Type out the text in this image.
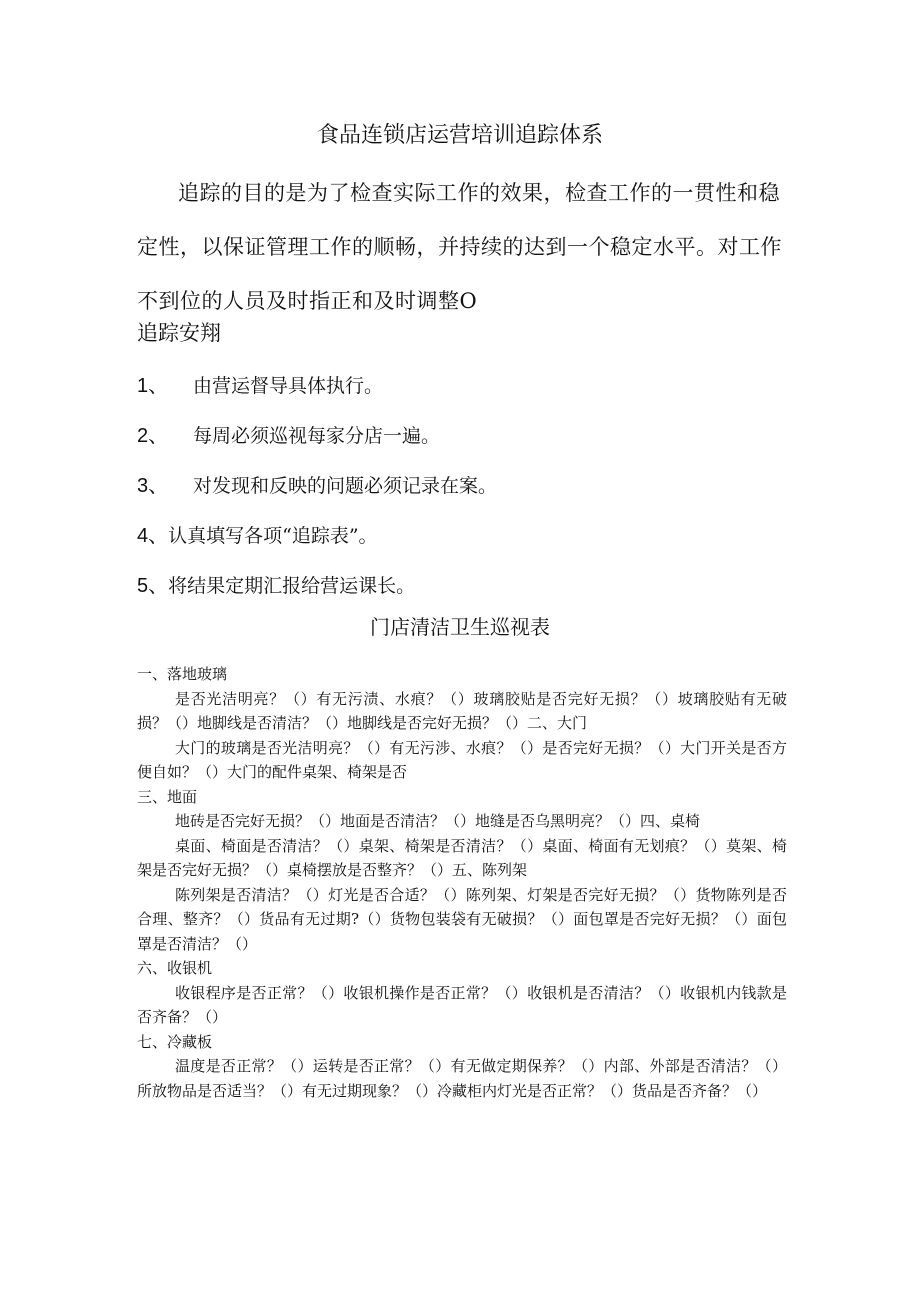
食品连锁店运营培训追踪体系

追踪的目的是为了检查实际工作的效果，检查工作的一贯性和稳定性，以保证管理工作的顺畅，并持续的达到一个稳定水平。对工作不到位的人员及时指正和及时调整O

追踪安翔
1、 由营运督导具体执行。
2、 每周必须巡视每家分店一遍。
3、 对发现和反映的问题必须记录在案。
4、认真填写各项“追踪表”。
5、将结果定期汇报给营运课长。
门店清洁卫生巡视表

一、落地玻璃

是否光洁明亮？（）有无污渍、水痕？（）玻璃胶贴是否完好无损？（）坡璃胶贴有无破损？（）地脚线是否清洁？（）地脚线是否完好无损？（）二、大门

大门的玻璃是否光洁明亮？（）有无污涉、水痕？（）是否完好无损？（）大门开关是否方便自如？（）大门的配件桌架、椅架是否

三、地面

地砖是否完好无损？（）地面是否清洁？（）地缝是否乌黑明亮？（）四、桌椅

桌面、椅面是否清洁？（）桌架、椅架是否清洁？（）桌面、椅面有无划痕？（）莫架、椅架是否完好无损？（）桌椅摆放是否整齐？（）五、陈列架

陈列架是否清洁？（）灯光是否合适？（）陈列架、灯架是否完好无损？（）货物陈列是否合理、整齐？（）货品有无过期?（）货物包装袋有无破损？（）面包罩是否完好无损？（）面包罩是否清洁？（）

六、收银机

收银程序是否正常？（）收银机操作是否正常？（）收银机是否清洁？（）收银机内钱款是否齐备？（）

七、冷藏板

温度是否正常？（）运转是否正常？（）有无做定期保养？（）内部、外部是否清洁？（）所放物品是否适当？（）有无过期现象？（）冷藏柜内灯光是否正常？（）货品是否齐备？（）
